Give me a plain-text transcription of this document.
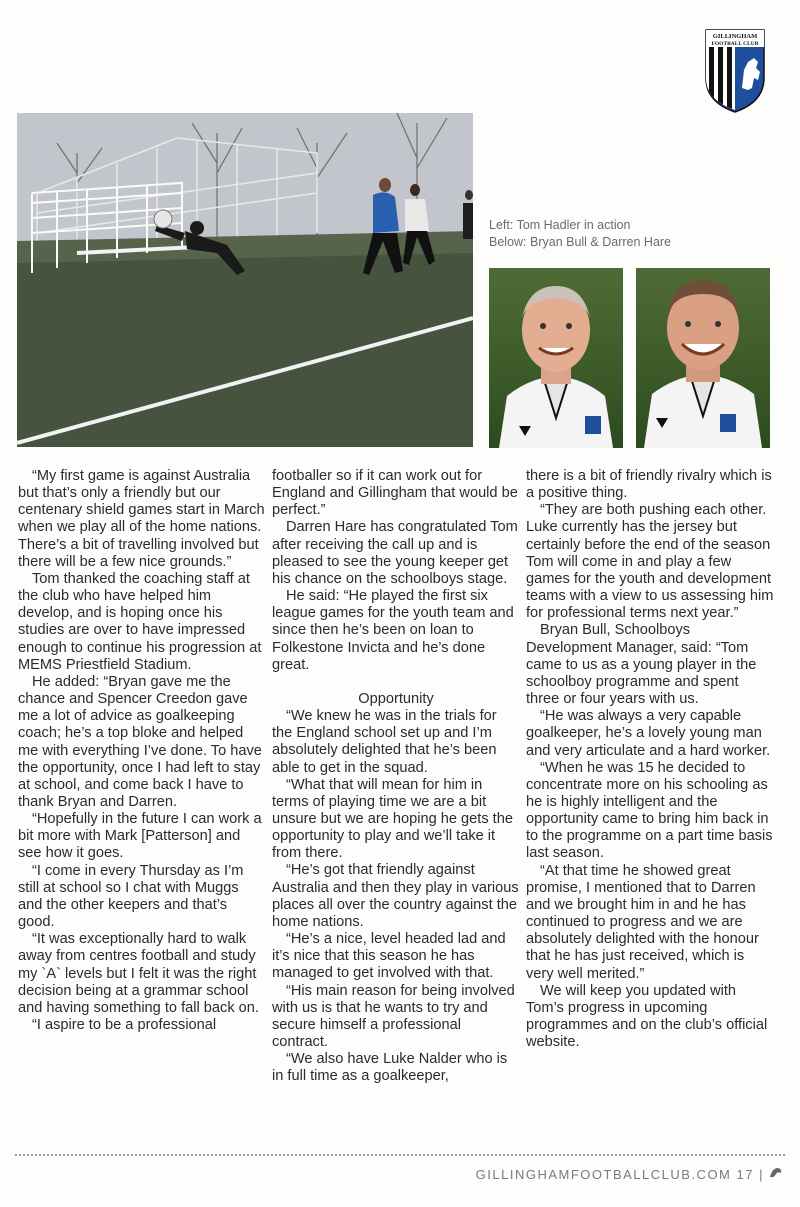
GILLINGHAM
FOOTBALL CLUB
Left: Tom Hadler in action
Below: Bryan Bull & Darren Hare

“My first game is against Australia but that’s only a friendly but our centenary shield games start in March when we play all of the home nations. There’s a bit of travelling involved but there will be a few nice grounds.”

Tom thanked the coaching staff at the club who have helped him develop, and is hoping once his studies are over to have impressed enough to continue his progression at MEMS Priestfield Stadium.

He added: “Bryan gave me the chance and Spencer Creedon gave me a lot of advice as goalkeeping coach; he’s a top bloke and helped me with everything I’ve done. To have the opportunity, once I had left to stay at school, and come back I have to thank Bryan and Darren.

“Hopefully in the future I can work a bit more with Mark [Patterson] and see how it goes.

“I come in every Thursday as I’m still at school so I chat with Muggs and the other keepers and that’s good.

“It was exceptionally hard to walk away from centres football and study my `A` levels but I felt it was the right decision being at a grammar school and having something to fall back on.

“I aspire to be a professional

footballer so if it can work out for England and Gillingham that would be perfect.”

Darren Hare has congratulated Tom after receiving the call up and is pleased to see the young keeper get his chance on the schoolboys stage.

He said: “He played the first six league games for the youth team and since then he’s been on loan to Folkestone Invicta and he’s done great.

Opportunity

“We knew he was in the trials for the England school set up and I’m absolutely delighted that he’s been able to get in the squad.

“What that will mean for him in terms of playing time we are a bit unsure but we are hoping he gets the opportunity to play and we’ll take it from there.

“He’s got that friendly against Australia and then they play in various places all over the country against the home nations.

“He’s a nice, level headed lad and it’s nice that this season he has managed to get involved with that.

“His main reason for being involved with us is that he wants to try and secure himself a professional contract.

“We also have Luke Nalder who is in full time as a goalkeeper,

there is a bit of friendly rivalry which is a positive thing.

“They are both pushing each other. Luke currently has the jersey but certainly before the end of the season Tom will come in and play a few games for the youth and development teams with a view to us assessing him for professional terms next year.”

Bryan Bull, Schoolboys Development Manager, said: “Tom came to us as a young player in the schoolboy programme and spent three or four years with us.

“He was always a very capable goalkeeper, he’s a lovely young man and very articulate and a hard worker.

“When he was 15 he decided to concentrate more on his schooling as he is highly intelligent and the opportunity came to bring him back in to the programme on a part time basis last season.

“At that time he showed great promise, I mentioned that to Darren and we brought him in and he has continued to progress and we are absolutely delighted with the honour that he has just received, which is very well merited.”

We will keep you updated with Tom’s progress in upcoming programmes and on the club’s official website.

GILLINGHAMFOOTBALLCLUB.COM 17 |
